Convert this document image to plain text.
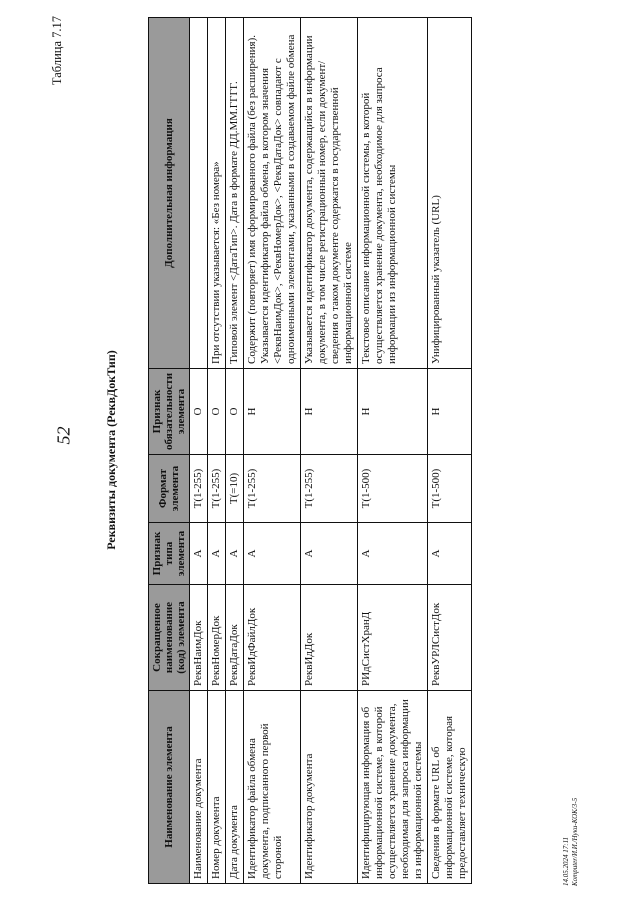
52
Таблица 7.17
Реквизиты документа (РеквДокТип)
Наименование элемента	Сокращенное наименование (код) элемента	Признак типа элемента	Формат элемента	Признак обязательности элемента	Дополнительная информация
Наименование документа	РеквНаимДок	А	T(1-255)	О	
Номер документа	РеквНомерДок	А	T(1-255)	О	При отсутствии указывается: «Без номера»
Дата документа	РеквДатаДок	А	T(=10)	О	Типовой элемент <ДатаТип>. Дата в формате ДД.ММ.ГГГГ.
Идентификатор файла обмена документа, подписанного первой стороной	РеквИдФайлДок	А	T(1-255)	Н	Содержит (повторяет) имя сформированного файла (без расширения). Указывается идентификатор файла обмена, в котором значения <РеквНаимДок>, <РеквНомерДок>, <РеквДатаДок> совпадают с одноименными элементами, указанными в создаваемом файле обмена
Идентификатор документа	РеквИдДок	А	T(1-255)	Н	Указывается идентификатор документа, содержащийся в информации документа, в том числе регистрационный номер, если документ/сведения о таком документе содержатся в государственной информационной системе
Идентифицирующая информация об информационной системе, в которой осуществляется хранение документа, необходимая для запроса информации из информационной системы	РИдСистХранД	А	T(1-500)	Н	Текстовое описание информационной системы, в которой осуществляется хранение документа, необходимое для запроса информации из информационной системы
Сведения в формате URL об информационной системе, которая предоставляет техническую	РеквУРЛСистДок	А	T(1-500)	Н	Унифицированный указатель (URL)
14.05.2024 17:11 Komputer/И.И./Нуки-КОК/3-5
